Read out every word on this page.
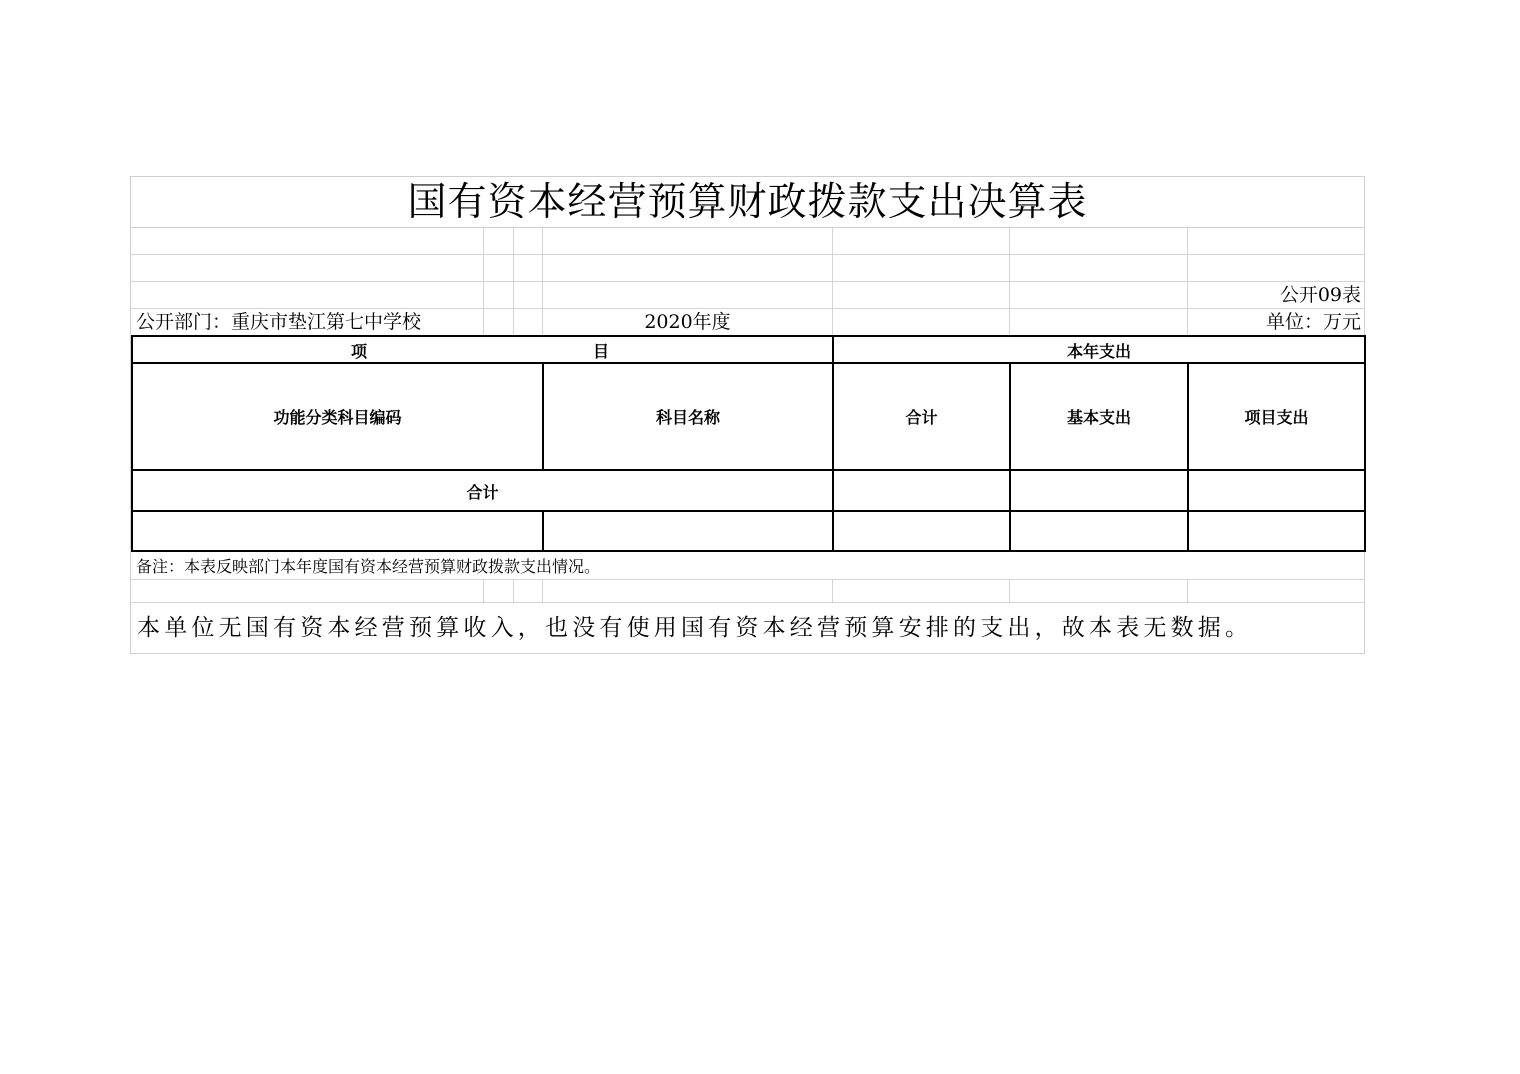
国有资本经营预算财政拨款支出决算表
公开09表
公开部门：重庆市垫江第七中学校	2020年度	单位：万元
项	目	本年支出
功能分类科目编码	科目名称	合计	基本支出	项目支出
合计
备注：本表反映部门本年度国有资本经营预算财政拨款支出情况。
本单位无国有资本经营预算收入，也没有使用国有资本经营预算安排的支出，故本表无数据。
